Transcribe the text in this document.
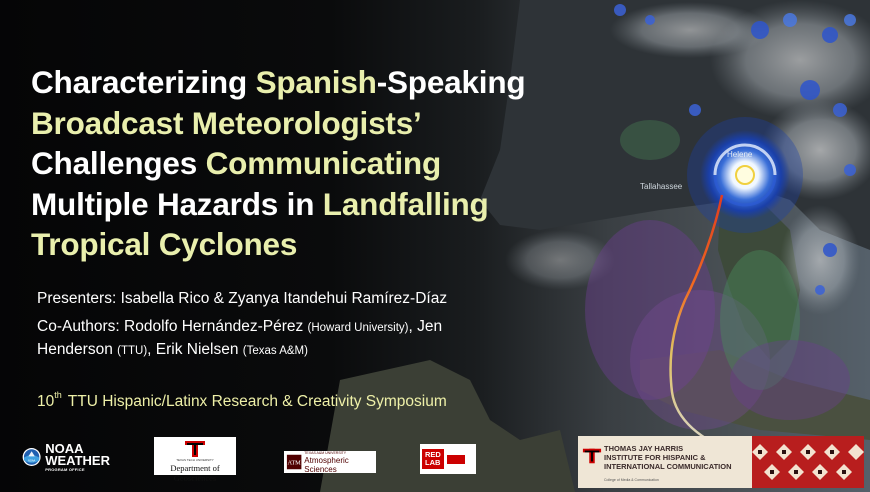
Tallahassee
Helene
Characterizing Spanish-Speaking
Broadcast Meteorologists’
Challenges Communicating
Multiple Hazards in Landfalling
Tropical Cyclones
Presenters: Isabella Rico & Zyanya Itandehui Ramírez-Díaz
Co-Authors: Rodolfo Hernández-Pérez (Howard University), Jen Henderson (TTU), Erik Nielsen (Texas A&M)
10th TTU Hispanic/Latinx Research & Creativity Symposium
NOAA
NOAA
WEATHER
PROGRAM OFFICE
TEXAS TECH UNIVERSITY
Department of Geosciences
ATM
TEXAS A&M UNIVERSITY
Atmospheric Sciences
RED
LAB
THOMAS JAY HARRIS
INSTITUTE FOR HISPANIC &
INTERNATIONAL COMMUNICATION
College of Media & Communication
